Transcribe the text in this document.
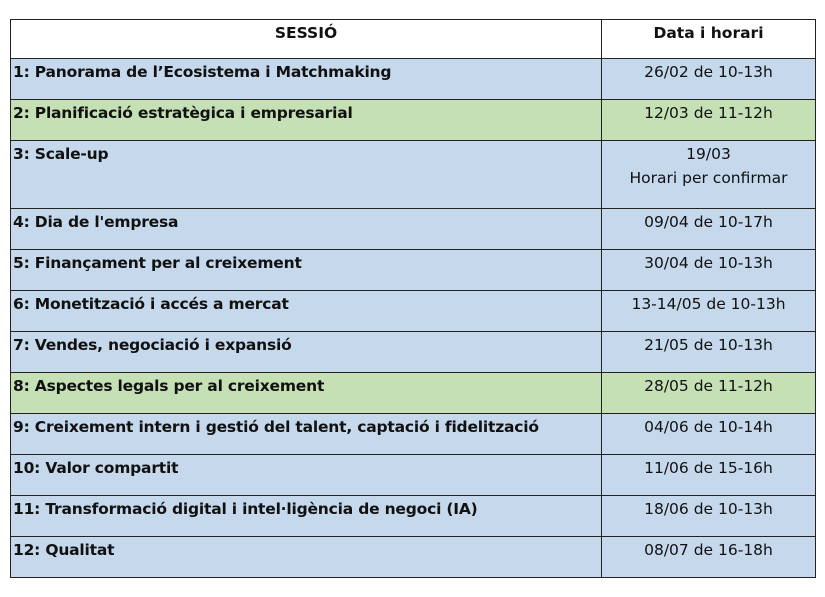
SESSIÓ	Data i horari
1: Panorama de l’Ecosistema i Matchmaking	26/02 de 10-13h
2: Planificació estratègica i empresarial	12/03 de 11-12h
3: Scale-up	19/03
Horari per confirmar

4: Dia de l'empresa	09/04 de 10-17h
5: Finançament per al creixement	30/04 de 10-13h
6: Monetització i accés a mercat	13-14/05 de 10-13h
7: Vendes, negociació i expansió	21/05 de 10-13h
8: Aspectes legals per al creixement	28/05 de 11-12h
9: Creixement intern i gestió del talent, captació i fidelització	04/06 de 10-14h
10: Valor compartit	11/06 de 15-16h
11: Transformació digital i intel·ligència de negoci (IA)	18/06 de 10-13h
12: Qualitat	08/07 de 16-18h
